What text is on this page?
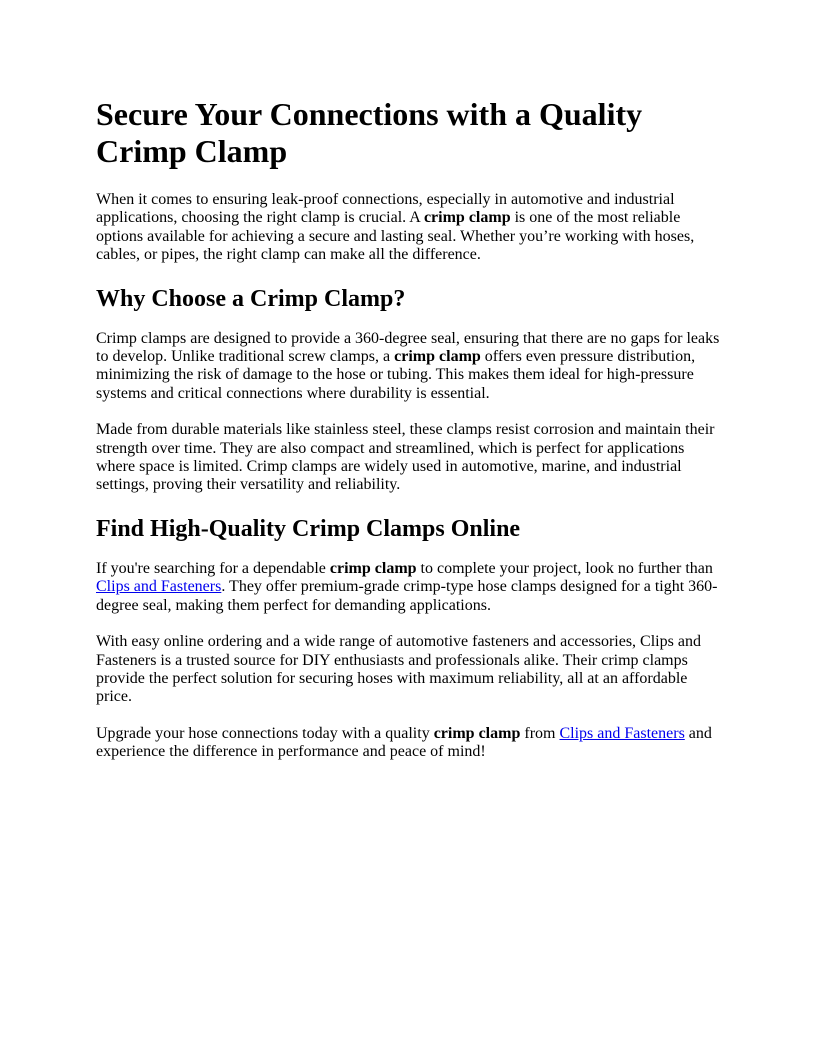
Secure Your Connections with a Quality Crimp Clamp

When it comes to ensuring leak-proof connections, especially in automotive and industrial applications, choosing the right clamp is crucial. A crimp clamp is one of the most reliable options available for achieving a secure and lasting seal. Whether you’re working with hoses, cables, or pipes, the right clamp can make all the difference.

Why Choose a Crimp Clamp?

Crimp clamps are designed to provide a 360-degree seal, ensuring that there are no gaps for leaks to develop. Unlike traditional screw clamps, a crimp clamp offers even pressure distribution, minimizing the risk of damage to the hose or tubing. This makes them ideal for high-pressure systems and critical connections where durability is essential.

Made from durable materials like stainless steel, these clamps resist corrosion and maintain their strength over time. They are also compact and streamlined, which is perfect for applications where space is limited. Crimp clamps are widely used in automotive, marine, and industrial settings, proving their versatility and reliability.

Find High-Quality Crimp Clamps Online

If you're searching for a dependable crimp clamp to complete your project, look no further than Clips and Fasteners. They offer premium-grade crimp-type hose clamps designed for a tight 360-degree seal, making them perfect for demanding applications.

With easy online ordering and a wide range of automotive fasteners and accessories, Clips and Fasteners is a trusted source for DIY enthusiasts and professionals alike. Their crimp clamps provide the perfect solution for securing hoses with maximum reliability, all at an affordable price.

Upgrade your hose connections today with a quality crimp clamp from Clips and Fasteners and experience the difference in performance and peace of mind!
